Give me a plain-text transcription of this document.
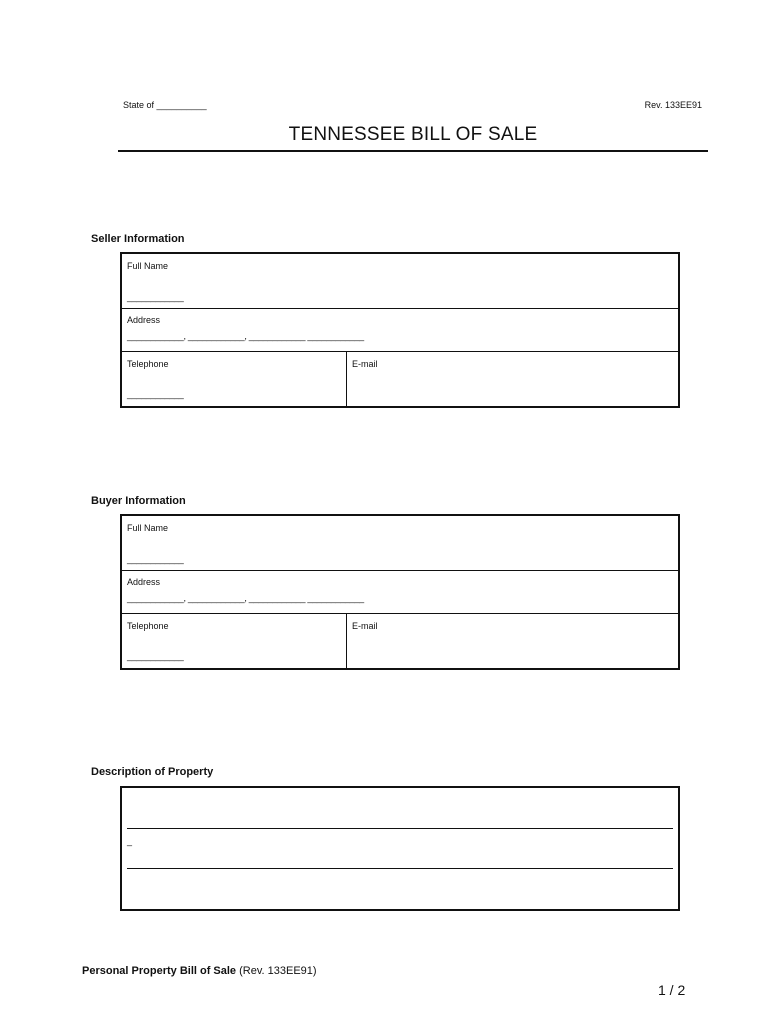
State of __________	Rev. 133EE91
TENNESSEE BILL OF SALE
Seller Information
Full Name
____________
Address
____________, ____________, ____________ ____________
Telephone
____________
E-mail
Buyer Information
Full Name
____________
Address
____________, ____________, ____________ ____________
Telephone
____________
E-mail
Description of Property
_
Personal Property Bill of Sale (Rev. 133EE91)
1 / 2
